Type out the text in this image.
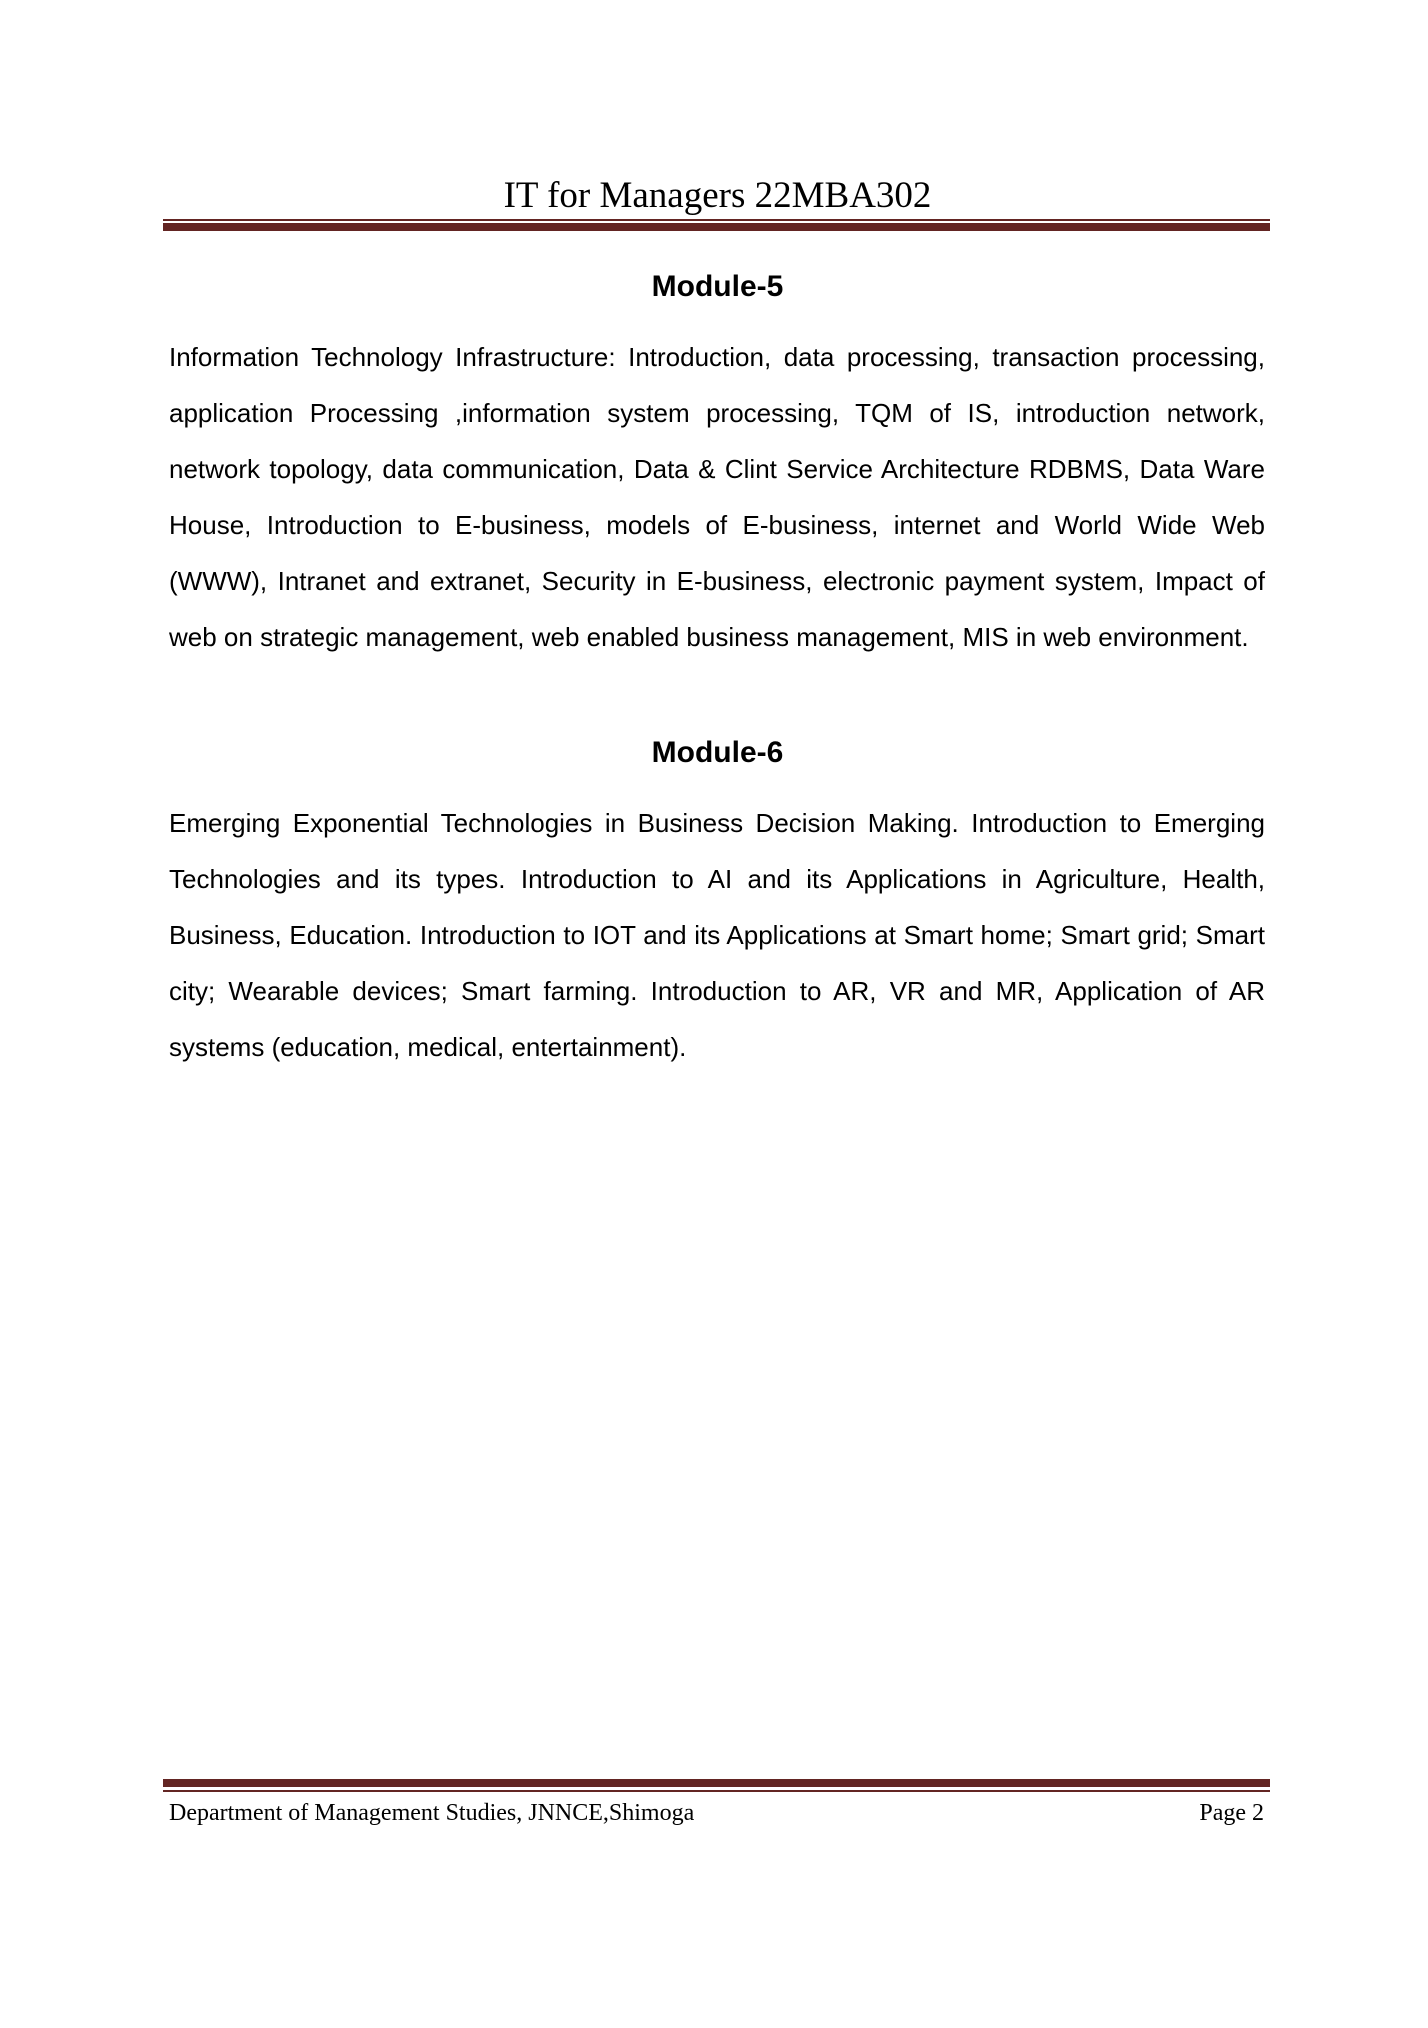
IT for Managers 22MBA302
Module-5
Information Technology Infrastructure: Introduction, data processing, transaction processing, application Processing ,information system processing, TQM of IS, introduction network, network topology, data communication, Data & Clint Service Architecture RDBMS, Data Ware House, Introduction to E-business, models of E-business, internet and World Wide Web (WWW), Intranet and extranet, Security in E-business, electronic payment system, Impact of web on strategic management, web enabled business management, MIS in web environment.
Module-6
Emerging Exponential Technologies in Business Decision Making. Introduction to Emerging Technologies and its types. Introduction to AI and its Applications in Agriculture, Health, Business, Education. Introduction to IOT and its Applications at Smart home; Smart grid; Smart city; Wearable devices; Smart farming. Introduction to AR, VR and MR, Application of AR systems (education, medical, entertainment).
Department of Management Studies, JNNCE,Shimoga	Page 2
